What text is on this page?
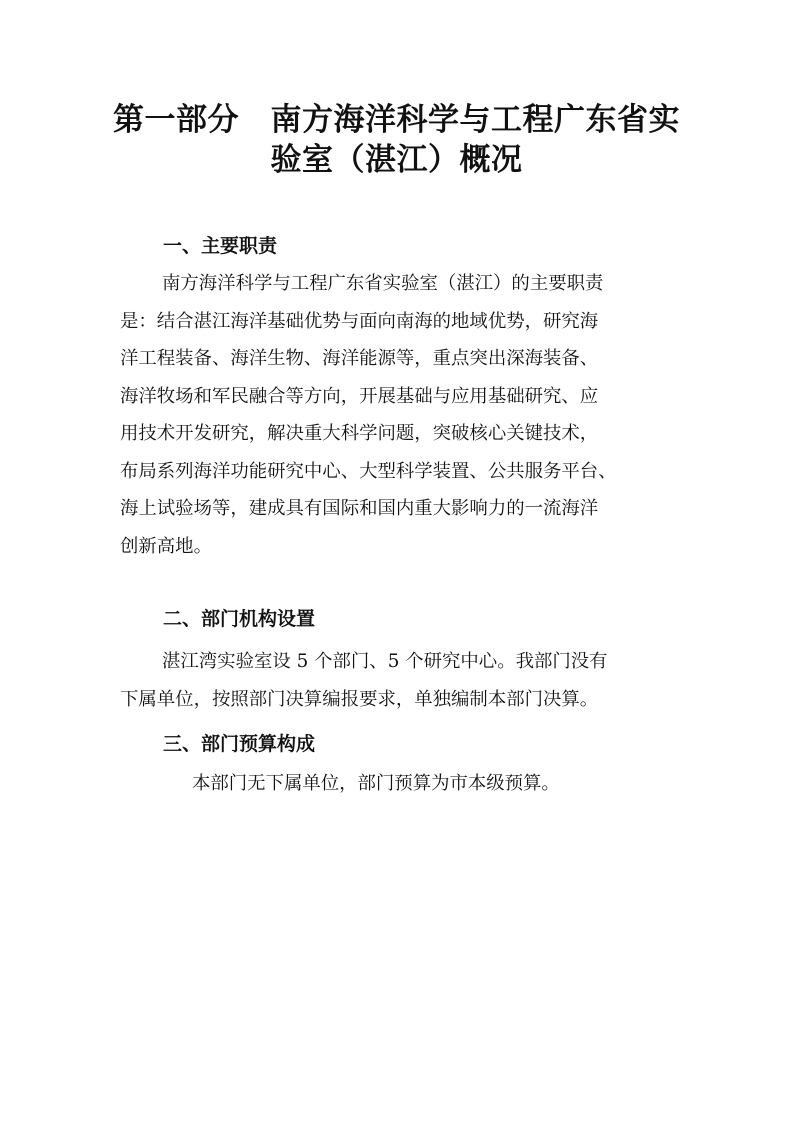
第一部分　南方海洋科学与工程广东省实
验室（湛江）概况
一、主要职责
南方海洋科学与工程广东省实验室（湛江）的主要职责
是：结合湛江海洋基础优势与面向南海的地域优势，研究海
洋工程装备、海洋生物、海洋能源等，重点突出深海装备、
海洋牧场和军民融合等方向，开展基础与应用基础研究、应
用技术开发研究，解决重大科学问题，突破核心关键技术，
布局系列海洋功能研究中心、大型科学装置、公共服务平台、
海上试验场等，建成具有国际和国内重大影响力的一流海洋
创新高地。
二、部门机构设置
湛江湾实验室设 5 个部门、5 个研究中心。我部门没有
下属单位，按照部门决算编报要求，单独编制本部门决算。
三、部门预算构成
本部门无下属单位，部门预算为市本级预算。
